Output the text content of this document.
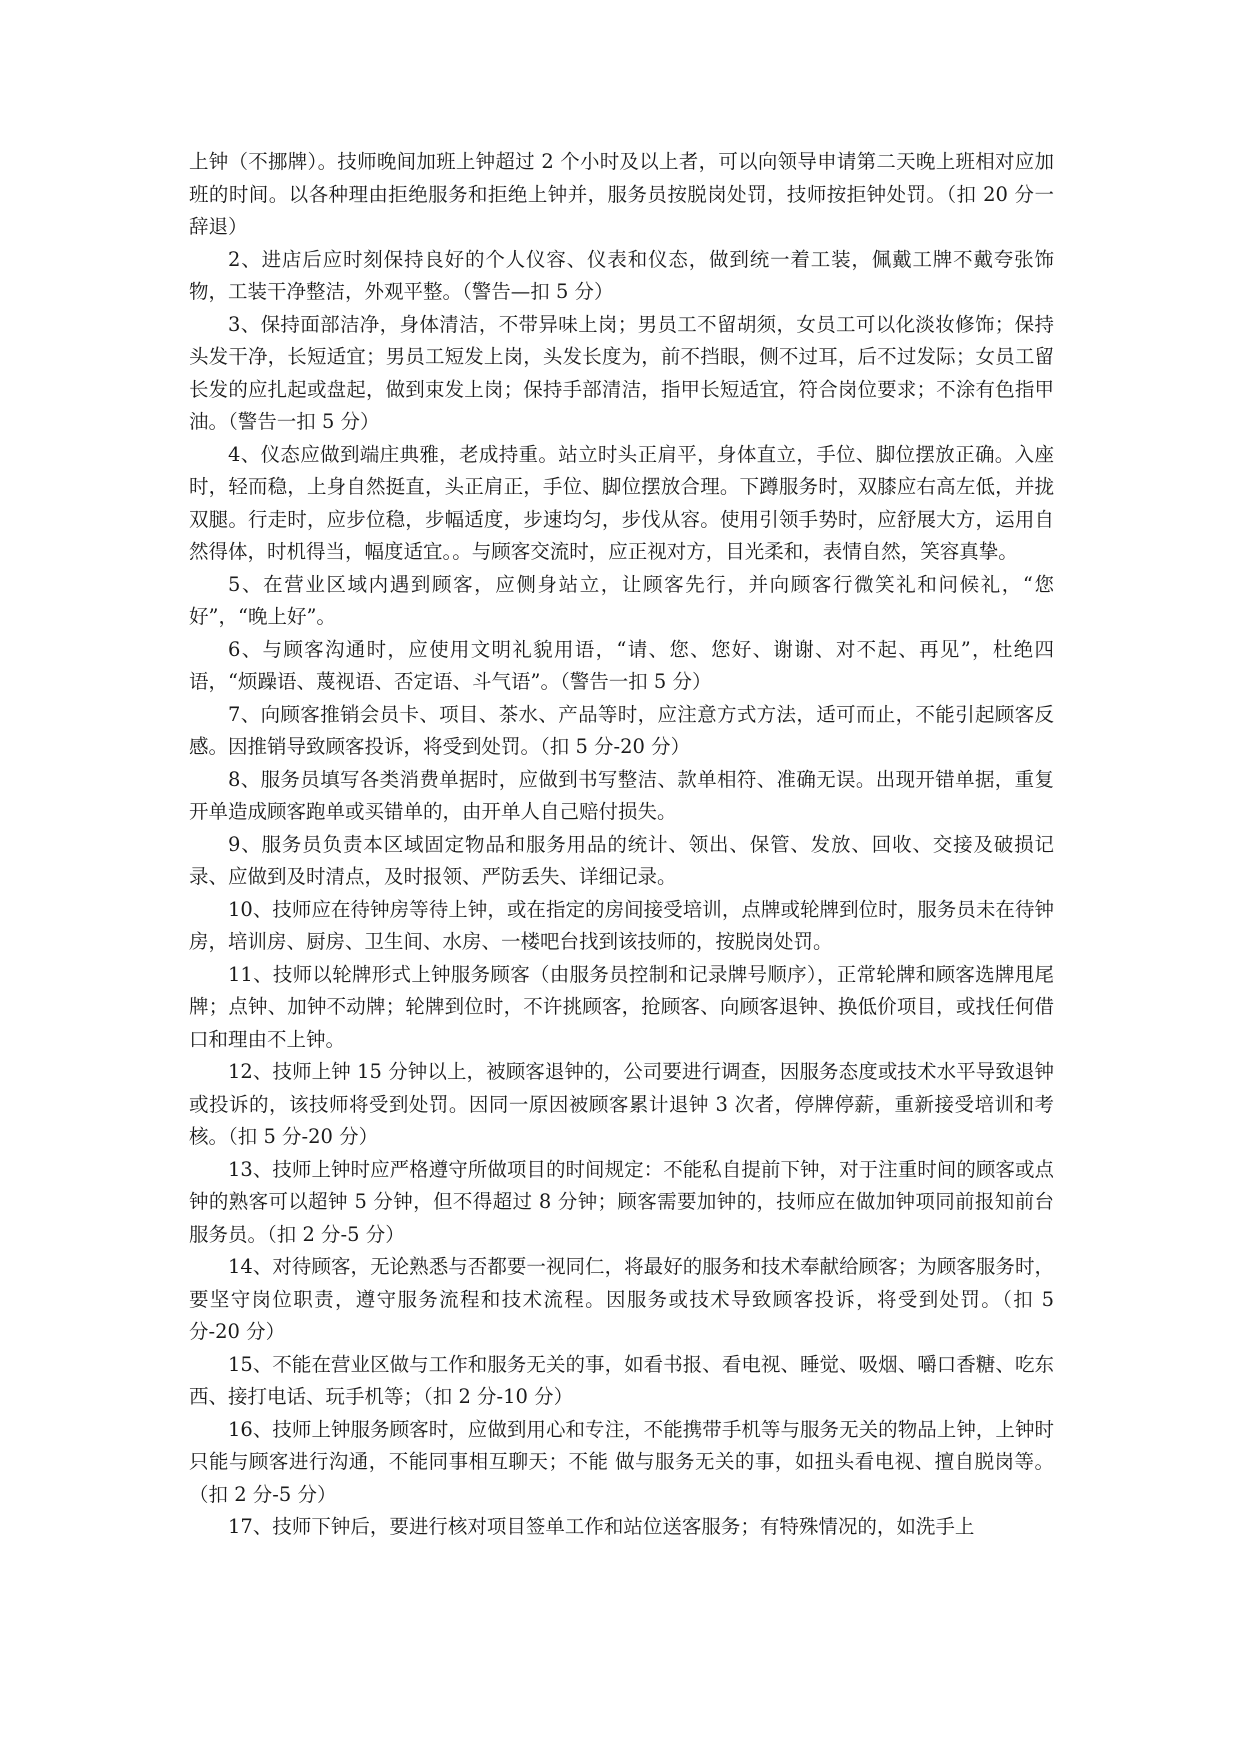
上钟（不挪牌）。技师晚间加班上钟超过 2 个小时及以上者，可以向领导申请第二天晚上班相对应加班的时间。以各种理由拒绝服务和拒绝上钟并，服务员按脱岗处罚，技师按拒钟处罚。（扣 20 分一辞退）

2、进店后应时刻保持良好的个人仪容、仪表和仪态，做到统一着工装，佩戴工牌不戴夸张饰物，工装干净整洁，外观平整。（警告—扣 5 分）

3、保持面部洁净，身体清洁，不带异味上岗；男员工不留胡须，女员工可以化淡妆修饰；保持头发干净，长短适宜；男员工短发上岗，头发长度为，前不挡眼，侧不过耳，后不过发际；女员工留长发的应扎起或盘起，做到束发上岗；保持手部清洁，指甲长短适宜，符合岗位要求；不涂有色指甲油。（警告一扣 5 分）

4、仪态应做到端庄典雅，老成持重。站立时头正肩平，身体直立，手位、脚位摆放正确。入座时，轻而稳，上身自然挺直，头正肩正，手位、脚位摆放合理。下蹲服务时，双膝应右高左低，并拢双腿。行走时，应步位稳，步幅适度，步速均匀，步伐从容。使用引领手势时，应舒展大方，运用自然得体，时机得当，幅度适宜。。与顾客交流时，应正视对方，目光柔和，表情自然，笑容真挚。

5、在营业区域内遇到顾客，应侧身站立，让顾客先行，并向顾客行微笑礼和问候礼，“您好”，“晚上好”。

6、与顾客沟通时，应使用文明礼貌用语，“请、您、您好、谢谢、对不起、再见”，杜绝四语，“烦躁语、蔑视语、否定语、斗气语”。（警告一扣 5 分）

7、向顾客推销会员卡、项目、茶水、产品等时，应注意方式方法，适可而止，不能引起顾客反感。因推销导致顾客投诉，将受到处罚。（扣 5 分-20 分）

8、服务员填写各类消费单据时，应做到书写整洁、款单相符、准确无误。出现开错单据，重复开单造成顾客跑单或买错单的，由开单人自己赔付损失。

9、服务员负责本区域固定物品和服务用品的统计、领出、保管、发放、回收、交接及破损记录、应做到及时清点，及时报领、严防丢失、详细记录。

10、技师应在待钟房等待上钟，或在指定的房间接受培训，点牌或轮牌到位时，服务员未在待钟房，培训房、厨房、卫生间、水房、一楼吧台找到该技师的，按脱岗处罚。

11、技师以轮牌形式上钟服务顾客（由服务员控制和记录牌号顺序），正常轮牌和顾客选牌甩尾牌；点钟、加钟不动牌；轮牌到位时，不许挑顾客，抢顾客、向顾客退钟、换低价项目，或找任何借口和理由不上钟。

12、技师上钟 15 分钟以上，被顾客退钟的，公司要进行调查，因服务态度或技术水平导致退钟或投诉的，该技师将受到处罚。因同一原因被顾客累计退钟 3 次者，停牌停薪，重新接受培训和考核。（扣 5 分-20 分）

13、技师上钟时应严格遵守所做项目的时间规定：不能私自提前下钟，对于注重时间的顾客或点钟的熟客可以超钟 5 分钟，但不得超过 8 分钟；顾客需要加钟的，技师应在做加钟项同前报知前台服务员。（扣 2 分-5 分）

14、对待顾客，无论熟悉与否都要一视同仁，将最好的服务和技术奉献给顾客；为顾客服务时，要坚守岗位职责，遵守服务流程和技术流程。因服务或技术导致顾客投诉，将受到处罚。（扣 5 分-20 分）

15、不能在营业区做与工作和服务无关的事，如看书报、看电视、睡觉、吸烟、嚼口香糖、吃东西、接打电话、玩手机等；（扣 2 分-10 分）

16、技师上钟服务顾客时，应做到用心和专注，不能携带手机等与服务无关的物品上钟，上钟时只能与顾客进行沟通，不能同事相互聊天；不能 做与服务无关的事，如扭头看电视、擅自脱岗等。 （扣 2 分-5 分）

17、技师下钟后，要进行核对项目签单工作和站位送客服务；有特殊情况的，如洗手上
